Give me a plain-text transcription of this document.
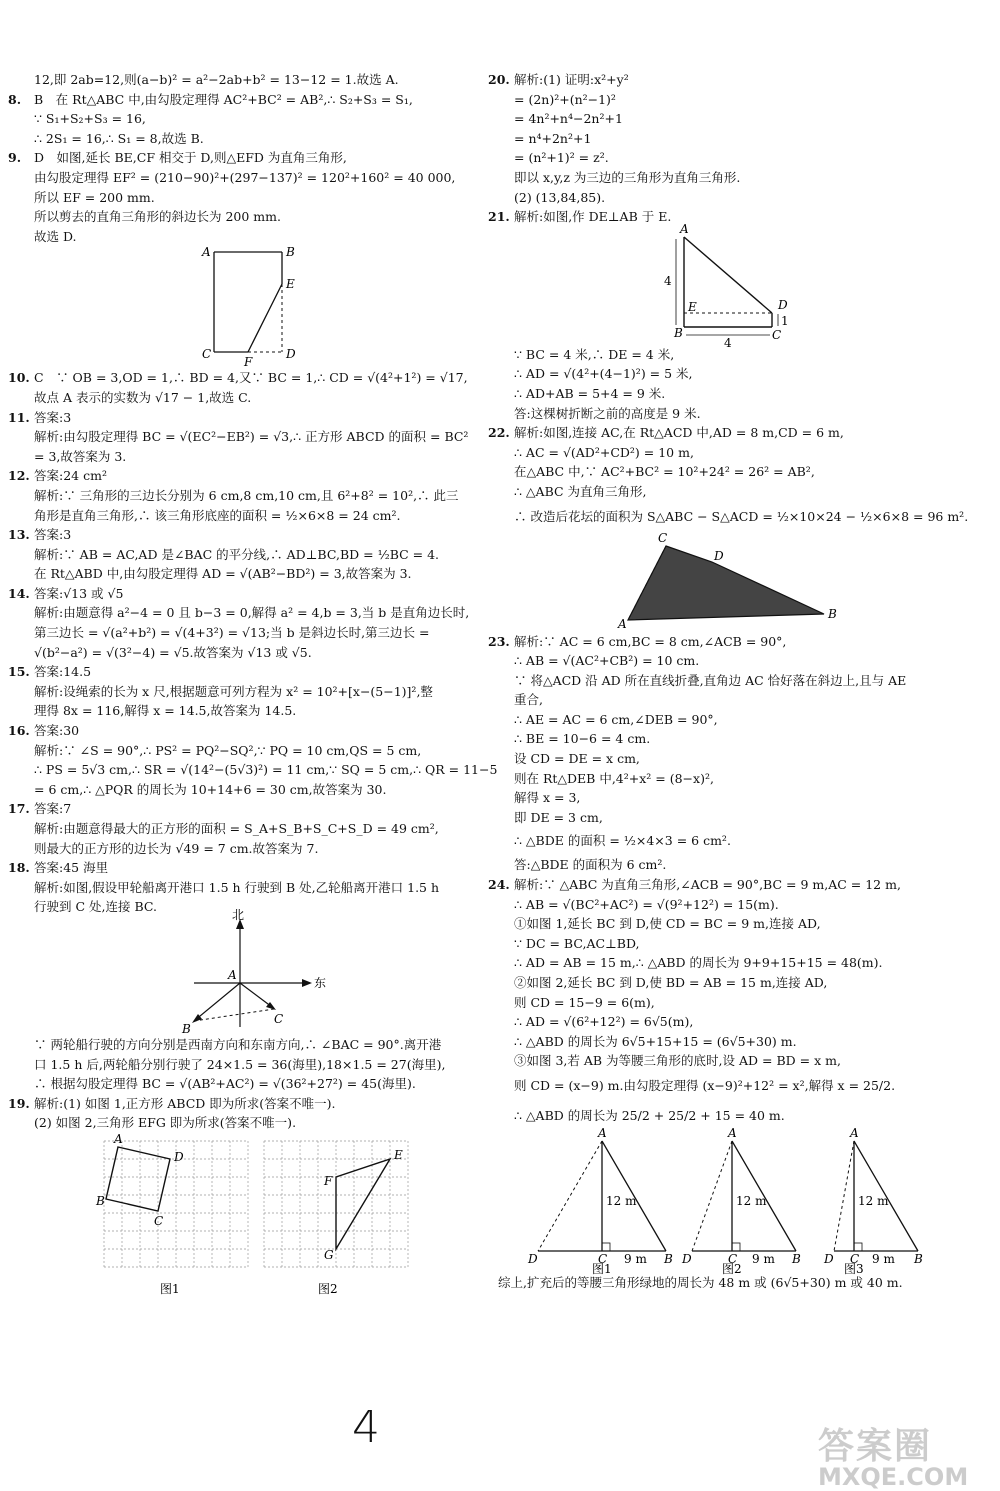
12,即 2ab=12,则(a−b)² = a²−2ab+b² = 13−12 = 1.故选 A.
8. B　在 Rt△ABC 中,由勾股定理得 AC²+BC² = AB²,∴ S₂+S₃ = S₁,
∵ S₁+S₂+S₃ = 16,
∴ 2S₁ = 16,∴ S₁ = 8,故选 B.
9. D　如图,延长 BE,CF 相交于 D,则△EFD 为直角三角形,
由勾股定理得 EF² = (210−90)²+(297−137)² = 120²+160² = 40 000,
所以 EF = 200 mm.
所以剪去的直角三角形的斜边长为 200 mm.
故选 D.
A	B
E
C
F
D
10. C　∵ OB = 3,OD = 1,∴ BD = 4,又∵ BC = 1,∴ CD = √(4²+1²) = √17,
故点 A 表示的实数为 √17 − 1,故选 C.
11. 答案:3
解析:由勾股定理得 BC = √(EC²−EB²) = √3,∴ 正方形 ABCD 的面积 = BC²
= 3,故答案为 3.
12. 答案:24 cm²
解析:∵ 三角形的三边长分别为 6 cm,8 cm,10 cm,且 6²+8² = 10²,∴ 此三
角形是直角三角形,∴ 该三角形底座的面积 = ½×6×8 = 24 cm².
13. 答案:3
解析:∵ AB = AC,AD 是∠BAC 的平分线,∴ AD⊥BC,BD = ½BC = 4.
在 Rt△ABD 中,由勾股定理得 AD = √(AB²−BD²) = 3,故答案为 3.
14. 答案:√13 或 √5
解析:由题意得 a²−4 = 0 且 b−3 = 0,解得 a² = 4,b = 3,当 b 是直角边长时,
第三边长 = √(a²+b²) = √(4+3²) = √13;当 b 是斜边长时,第三边长 =
√(b²−a²) = √(3²−4) = √5.故答案为 √13 或 √5.
15. 答案:14.5
解析:设绳索的长为 x 尺,根据题意可列方程为 x² = 10²+[x−(5−1)]²,整
理得 8x = 116,解得 x = 14.5,故答案为 14.5.
16. 答案:30
解析:∵ ∠S = 90°,∴ PS² = PQ²−SQ²,∵ PQ = 10 cm,QS = 5 cm,
∴ PS = 5√3 cm,∴ SR = √(14²−(5√3)²) = 11 cm,∵ SQ = 5 cm,∴ QR = 11−5
= 6 cm,∴ △PQR 的周长为 10+14+6 = 30 cm,故答案为 30.
17. 答案:7
解析:由题意得最大的正方形的面积 = S_A+S_B+S_C+S_D = 49 cm²,
则最大的正方形的边长为 √49 = 7 cm.故答案为 7.
18. 答案:45 海里
解析:如图,假设甲轮船离开港口 1.5 h 行驶到 B 处,乙轮船离开港口 1.5 h
行驶到 C 处,连接 BC.
北
东
A
B
C
∵ 两轮船行驶的方向分别是西南方向和东南方向,∴ ∠BAC = 90°.离开港
口 1.5 h 后,两轮船分别行驶了 24×1.5 = 36(海里),18×1.5 = 27(海里),
∴ 根据勾股定理得 BC = √(AB²+AC²) = √(36²+27²) = 45(海里).
19. 解析:(1) 如图 1,正方形 ABCD 即为所求(答案不唯一).
(2) 如图 2,三角形 EFG 即为所求(答案不唯一).
A
B
C
D	E
F
G
图1	图2
20. 解析:(1) 证明:x²+y²
= (2n)²+(n²−1)²
= 4n²+n⁴−2n²+1
= n⁴+2n²+1
= (n²+1)² = z².
即以 x,y,z 为三边的三角形为直角三角形.
(2) (13,84,85).
21. 解析:如图,作 DE⊥AB 于 E.
A
B	C
D
E
4
4
1
∵ BC = 4 米,∴ DE = 4 米,
∴ AD = √(4²+(4−1)²) = 5 米,
∴ AD+AB = 5+4 = 9 米.
答:这棵树折断之前的高度是 9 米.
22. 解析:如图,连接 AC,在 Rt△ACD 中,AD = 8 m,CD = 6 m,
∴ AC = √(AD²+CD²) = 10 m,
在△ABC 中,∵ AC²+BC² = 10²+24² = 26² = AB²,
∴ △ABC 为直角三角形,
∴ 改造后花坛的面积为 S△ABC − S△ACD = ½×10×24 − ½×6×8 = 96 m².
C
D
B
A
23. 解析:∵ AC = 6 cm,BC = 8 cm,∠ACB = 90°,
∴ AB = √(AC²+CB²) = 10 cm.
∵ 将△ACD 沿 AD 所在直线折叠,直角边 AC 恰好落在斜边上,且与 AE
重合,
∴ AE = AC = 6 cm,∠DEB = 90°,
∴ BE = 10−6 = 4 cm.
设 CD = DE = x cm,
则在 Rt△DEB 中,4²+x² = (8−x)²,
解得 x = 3,
即 DE = 3 cm,
∴ △BDE 的面积 = ½×4×3 = 6 cm².
答:△BDE 的面积为 6 cm².
24. 解析:∵ △ABC 为直角三角形,∠ACB = 90°,BC = 9 m,AC = 12 m,
∴ AB = √(BC²+AC²) = √(9²+12²) = 15(m).
①如图 1,延长 BC 到 D,使 CD = BC = 9 m,连接 AD,
∵ DC = BC,AC⊥BD,
∴ AD = AB = 15 m,∴ △ABD 的周长为 9+9+15+15 = 48(m).
②如图 2,延长 BC 到 D,使 BD = AB = 15 m,连接 AD,
则 CD = 15−9 = 6(m),
∴ AD = √(6²+12²) = 6√5(m),
∴ △ABD 的周长为 6√5+15+15 = (6√5+30) m.
③如图 3,若 AB 为等腰三角形的底时,设 AD = BD = x m,
则 CD = (x−9) m.由勾股定理得 (x−9)²+12² = x²,解得 x = 25/2.
∴ △ABD 的周长为 25/2 + 25/2 + 15 = 40 m.
A
D	C	B
12 m
9 m
A
D	C	B
12 m
9 m
A
D C	B
12 m
9 m
图1	图2	图3
综上,扩充后的等腰三角形绿地的周长为 48 m 或 (6√5+30) m 或 40 m.
4	答案圈
MXQE.COM
